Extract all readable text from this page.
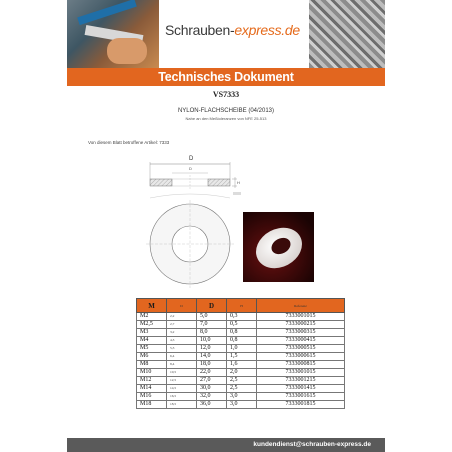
Schrauben-express.de
Technisches Dokument
VS7333
NYLON-FLACHSCHEIBE (04/2013)
Nahe an den Meßtoleranzen von NFE 25-513
Von diesem Blatt betroffene Artikel: 7333
D
D
H
M	D	D	H	Referenz
M2	2,2	5,0	0,3	7333001015
M2,5	2,7	7,0	0,5	7333000215
M3	3,2	8,0	0,8	7333000315
M4	4,3	10,0	0,8	7333000415
M5	5,3	12,0	1,0	7333000515
M6	6,4	14,0	1,5	7333000615
M8	8,4	18,0	1,6	7333000815
M10	10,5	22,0	2,0	7333001015
M12	12,5	27,0	2,5	7333001215
M14	14,5	30,0	2,5	7333001415
M16	16,5	32,0	3,0	7333001615
M18	18,5	36,0	3,0	7333001815
kundendienst@schrauben-express.de
